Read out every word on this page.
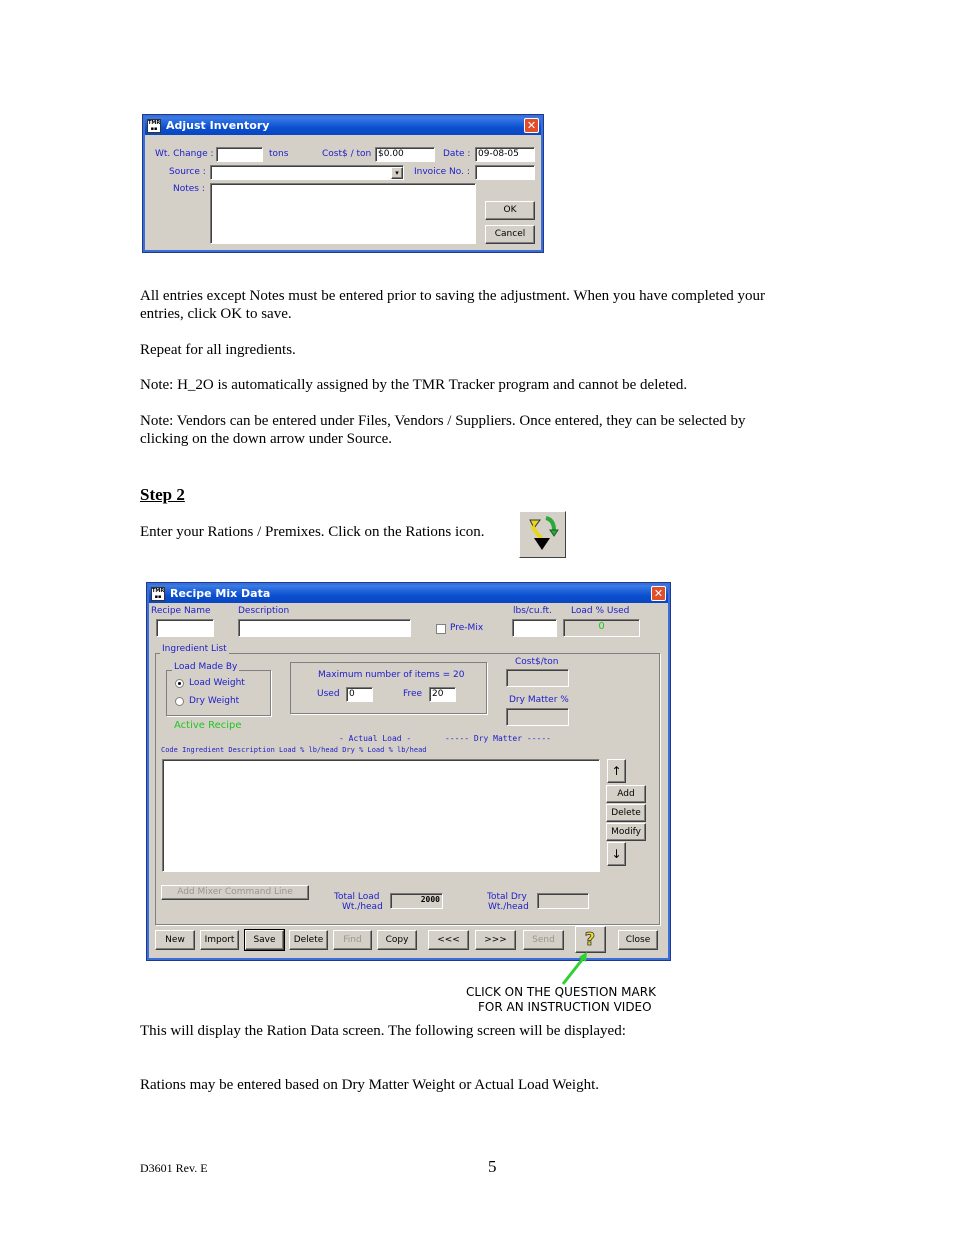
TMR
▪▪ Adjust Inventory	✕
Wt. Change :	tons	Cost$ / ton $0.00	Date : 09-08-05
Source :	▾	Invoice No. :
Notes :
OK
Cancel
All entries except Notes must be entered prior to saving the adjustment. When you have completed your entries, click OK to save.
Repeat for all ingredients.
Note: H_2O is automatically assigned by the TMR Tracker program and cannot be deleted.
Note: Vendors can be entered under Files, Vendors / Suppliers. Once entered, they can be selected by clicking on the down arrow under Source.
Step 2
Enter your Rations / Premixes. Click on the Rations icon.
TMR
▪▪ Recipe Mix Data	✕
Recipe Name	Description	lbs/cu.ft. Load % Used
Pre-Mix	0
Ingredient List
Load Made By
Load Weight
Dry Weight
Maximum number of items = 20
Used	0	Free	20
Cost$/ton
Dry Matter %
Active Recipe
- Actual Load -	----- Dry Matter -----
Code Ingredient Description Load % lb/head Dry % Load % lb/head
↑
Add
Delete
Modify
↓
Add Mixer Command Line	Total Load
Wt./head
2000	Total Dry
Wt./head
New	Import	Save	Delete	Find	Copy	<<<	>>>	Send	?	Close
CLICK ON THE QUESTION MARK
FOR AN INSTRUCTION VIDEO
This will display the Ration Data screen. The following screen will be displayed:
Rations may be entered based on Dry Matter Weight or Actual Load Weight.
D3601 Rev. E	5
